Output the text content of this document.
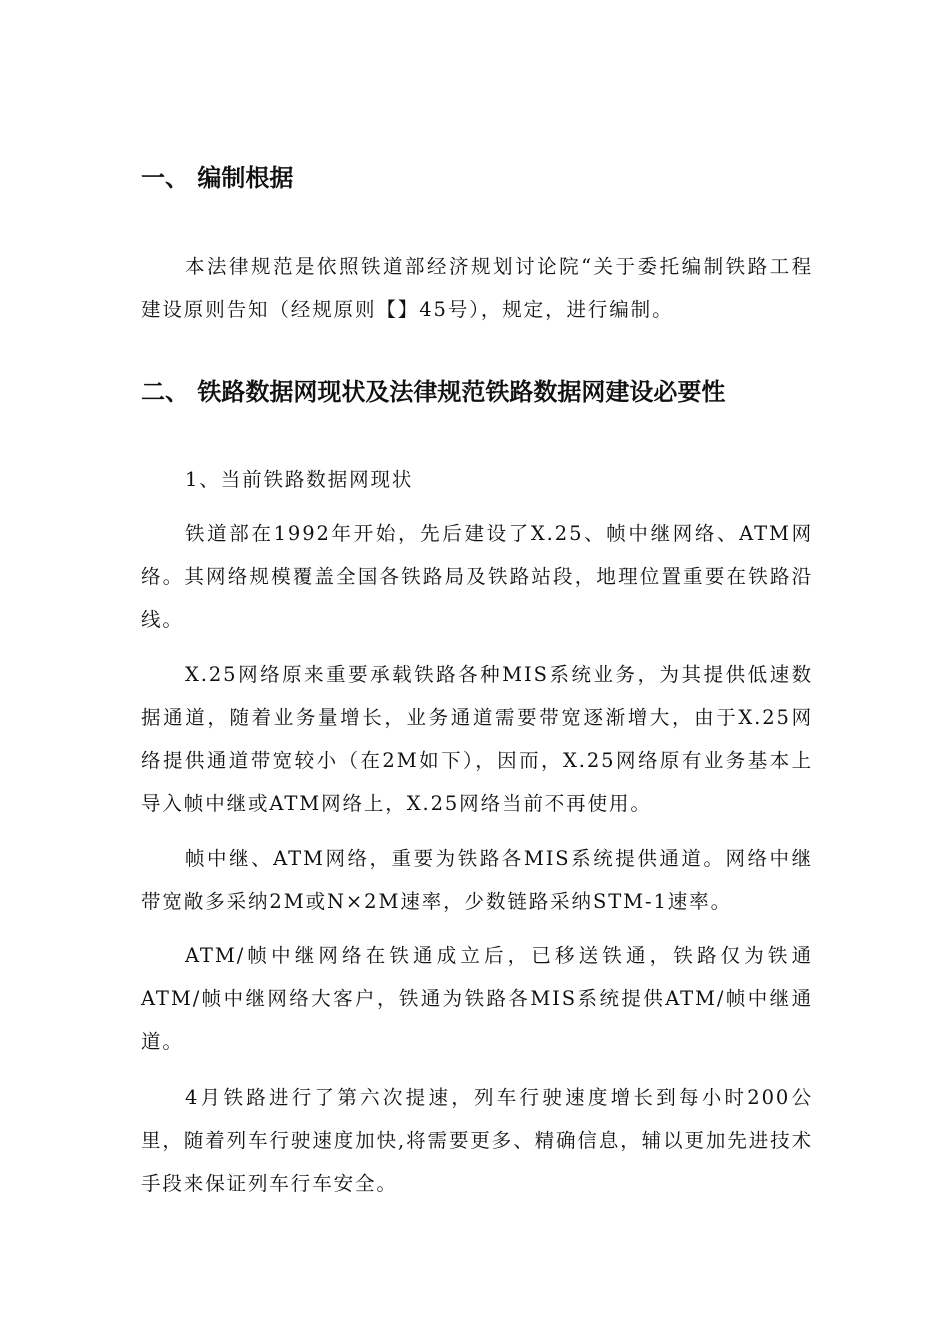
一、 编制根据

本法律规范是依照铁道部经济规划讨论院“关于委托编制铁路工程建设原则告知（经规原则【】45号），规定，进行编制。

二、 铁路数据网现状及法律规范铁路数据网建设必要性

1、当前铁路数据网现状

铁道部在1992年开始，先后建设了X.25、帧中继网络、ATM网络。其网络规模覆盖全国各铁路局及铁路站段，地理位置重要在铁路沿线。

X.25网络原来重要承载铁路各种MIS系统业务，为其提供低速数据通道，随着业务量增长，业务通道需要带宽逐渐增大，由于X.25网络提供通道带宽较小（在2M如下），因而，X.25网络原有业务基本上导入帧中继或ATM网络上，X.25网络当前不再使用。

帧中继、ATM网络，重要为铁路各MIS系统提供通道。网络中继带宽敞多采纳2M或N×2M速率，少数链路采纳STM-1速率。

ATM/帧中继网络在铁通成立后，已移送铁通，铁路仅为铁通ATM/帧中继网络大客户，铁通为铁路各MIS系统提供ATM/帧中继通道。

4月铁路进行了第六次提速，列车行驶速度增长到每小时200公里，随着列车行驶速度加快,将需要更多、精确信息，辅以更加先进技术手段来保证列车行车安全。
